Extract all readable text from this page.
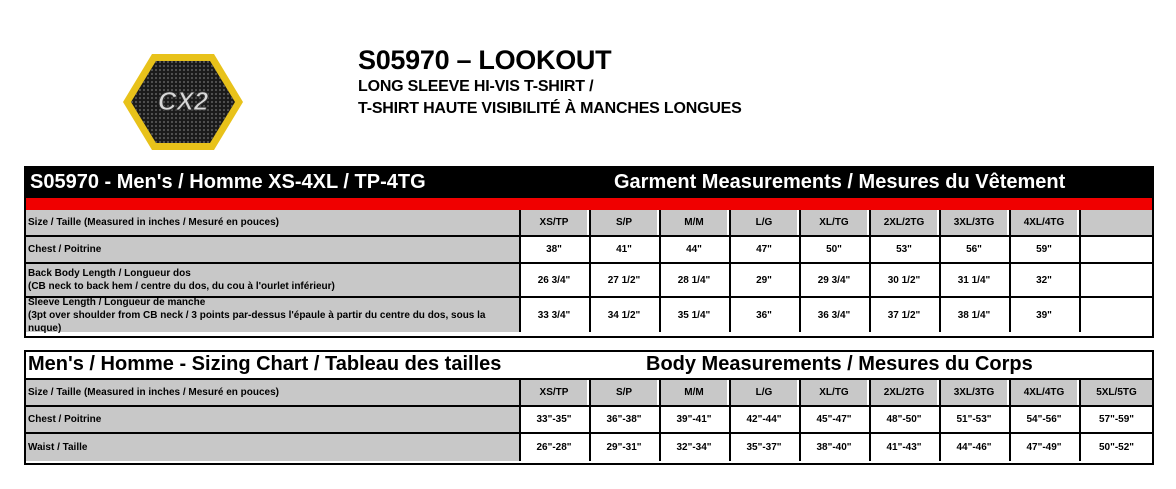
CX2
S05970 – LOOKOUT
LONG SLEEVE HI-VIS T-SHIRT /
T-SHIRT HAUTE VISIBILITÉ À MANCHES LONGUES
S05970 - Men's / Homme XS-4XL / TP-4TG	Garment Measurements / Mesures du Vêtement
Size / Taille (Measured in inches / Mesuré en pouces)	XS/TP	S/P	M/M	L/G	XL/TG	2XL/2TG	3XL/3TG	4XL/4TG
Chest / Poitrine	38"	41"	44"	47"	50"	53"	56"	59"
Back Body Length / Longueur dos
(CB neck to back hem / centre du dos, du cou à l'ourlet inférieur)
26 3/4"	27 1/2"	28 1/4"	29"	29 3/4"	30 1/2"	31 1/4"	32"
Sleeve Length / Longueur de manche
(3pt over shoulder from CB neck / 3 points par-dessus l'épaule à partir du centre du dos, sous la nuque)
33 3/4"	34 1/2"	35 1/4"	36"	36 3/4"	37 1/2"	38 1/4"	39"
Men's / Homme - Sizing Chart / Tableau des tailles	Body Measurements / Mesures du Corps
Size / Taille (Measured in inches / Mesuré en pouces)	XS/TP	S/P	M/M	L/G	XL/TG	2XL/2TG	3XL/3TG	4XL/4TG	5XL/5TG
Chest / Poitrine	33"-35"	36"-38"	39"-41"	42"-44"	45"-47"	48"-50"	51"-53"	54"-56"	57"-59"
Waist / Taille	26"-28"	29"-31"	32"-34"	35"-37"	38"-40"	41"-43"	44"-46"	47"-49"	50"-52"
